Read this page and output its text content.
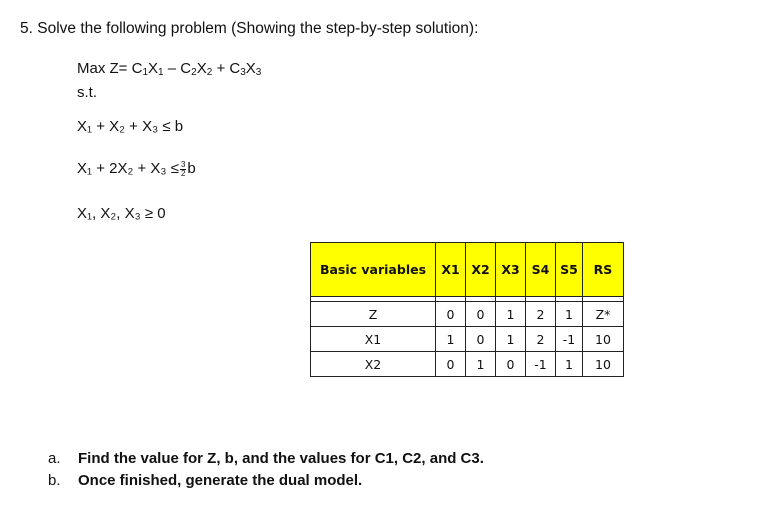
5. Solve the following problem (Showing the step-by-step solution):
Max $Z= C_1X_1 - C_2X_2 + C_3X_3$
s.t.
X₁ + X₂ + X₃ ≤ b
$X_1 + 2X_2 + X_3 \le \frac{3}{2}$ b
X₁, X₂, X₃ ≥ 0
Basic variables	X1	X2	X3	S4	S5	RS

Z	0	0	1	2	1	Z*
X1	1	0	1	2	-1	10
X2	0	1	0	-1	1	10
a. Find the value for Z, b, and the values for C1, C2, and C3.
b. Once finished, generate the dual model.
